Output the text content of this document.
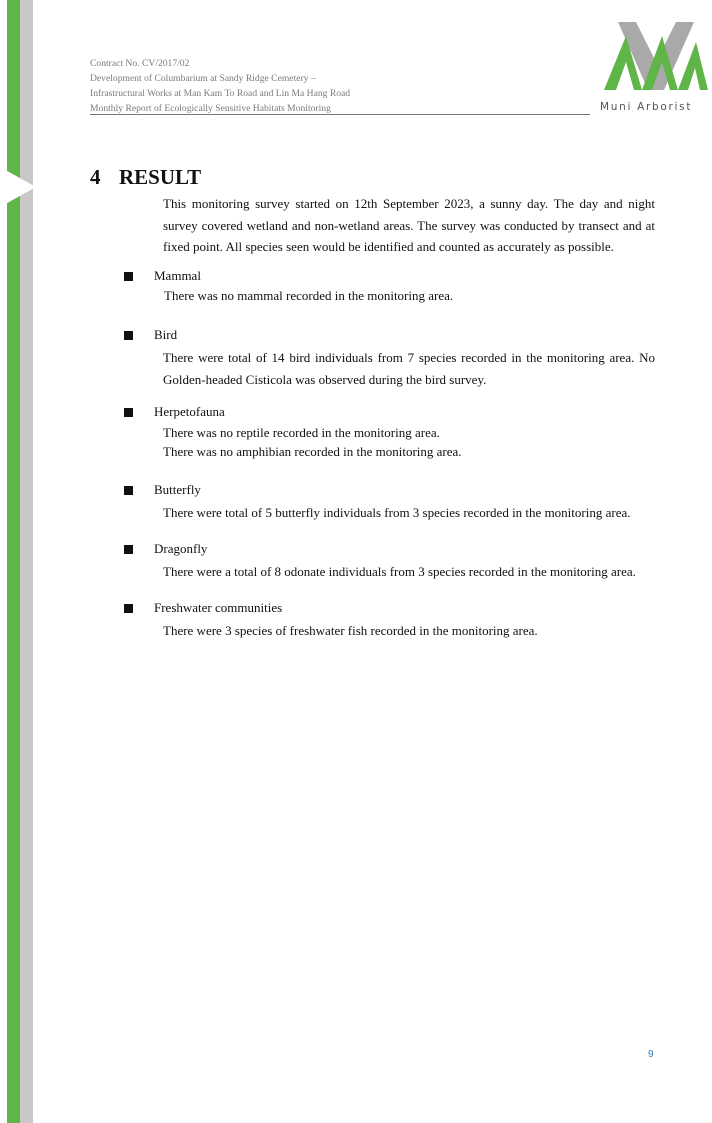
Contract No. CV/2017/02
Development of Columbarium at Sandy Ridge Cemetery –
Infrastructural Works at Man Kam To Road and Lin Ma Hang Road
Monthly Report of Ecologically Sensitive Habitats Monitoring	Muni Arborist
4 RESULT
This monitoring survey started on 12th September 2023, a sunny day. The day and night survey covered wetland and non-wetland areas. The survey was conducted by transect and at fixed point. All species seen would be identified and counted as accurately as possible.
Mammal
There was no mammal recorded in the monitoring area.
Bird
There were total of 14 bird individuals from 7 species recorded in the monitoring area. No Golden-headed Cisticola was observed during the bird survey.
Herpetofauna
There was no reptile recorded in the monitoring area.
There was no amphibian recorded in the monitoring area.
Butterfly
There were total of 5 butterfly individuals from 3 species recorded in the monitoring area.
Dragonfly
There were a total of 8 odonate individuals from 3 species recorded in the monitoring area.
Freshwater communities
There were 3 species of freshwater fish recorded in the monitoring area.
9
